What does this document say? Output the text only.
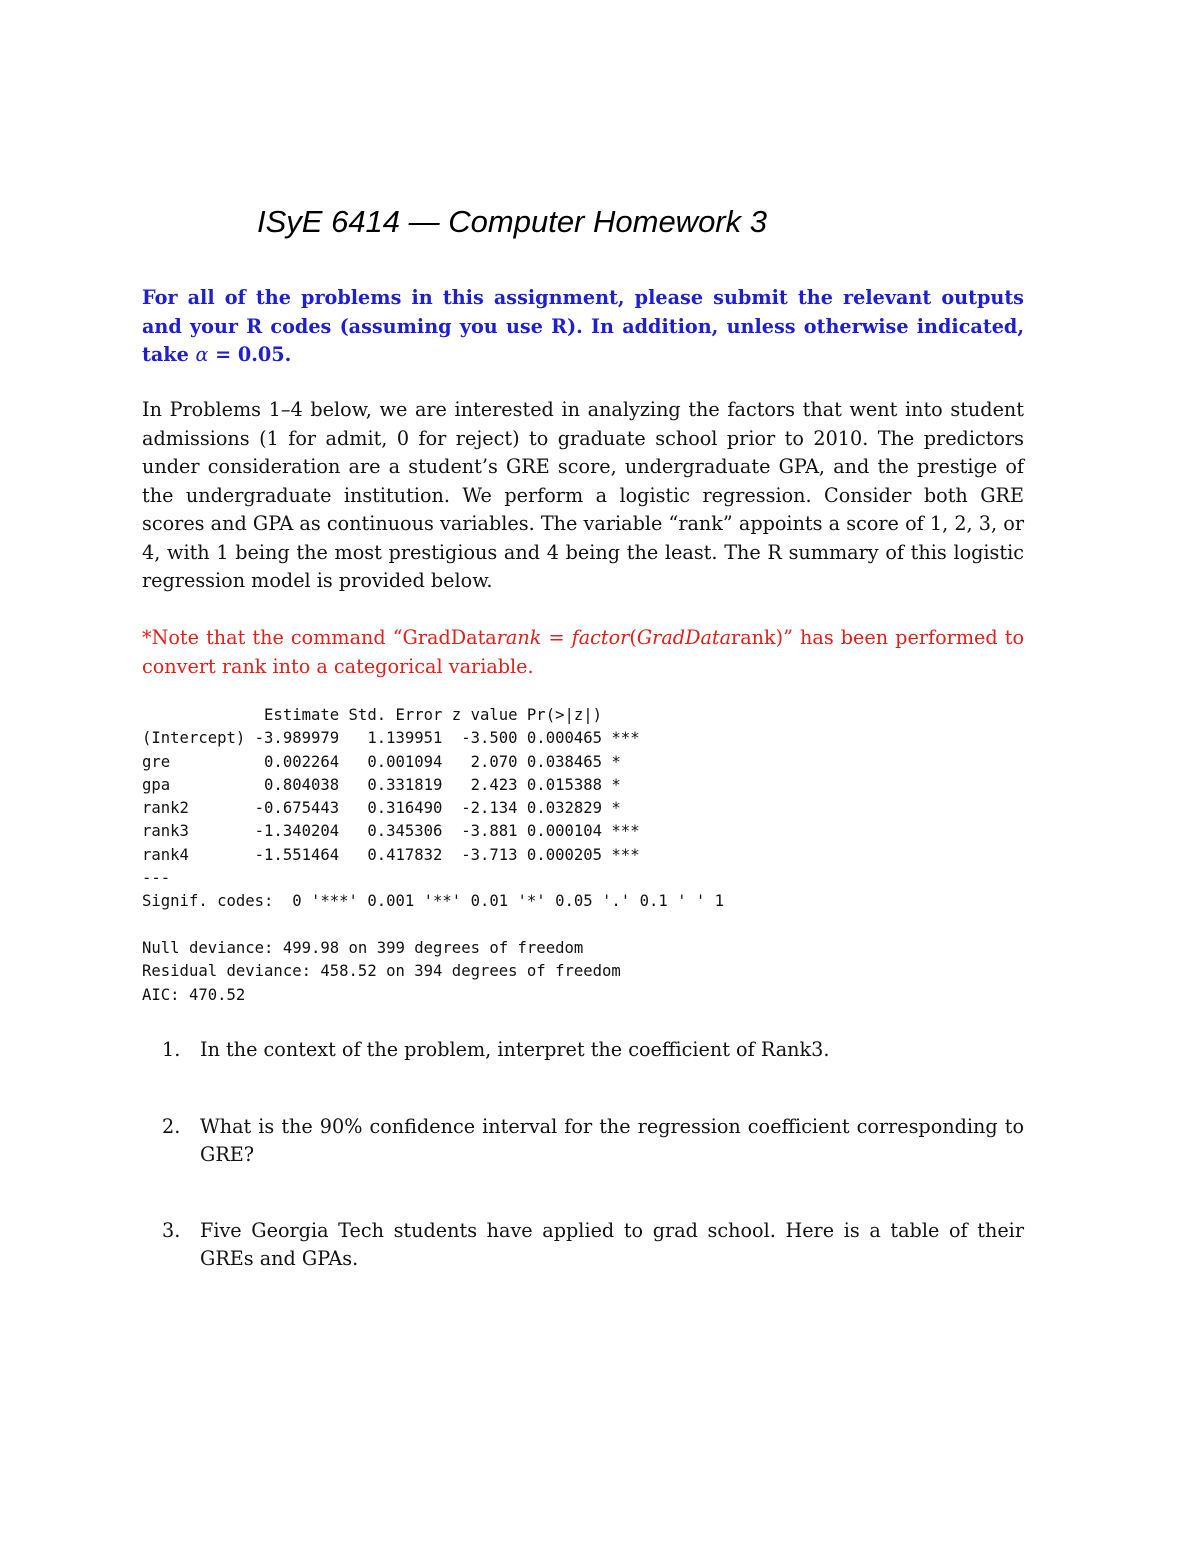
ISyE 6414 — Computer Homework 3
For all of the problems in this assignment, please submit the relevant outputs and your R codes (assuming you use R). In addition, unless otherwise indicated, take α = 0.05.
In Problems 1–4 below, we are interested in analyzing the factors that went into student admissions (1 for admit, 0 for reject) to graduate school prior to 2010. The predictors under consideration are a student’s GRE score, undergraduate GPA, and the prestige of the undergraduate institution. We perform a logistic regression. Consider both GRE scores and GPA as continuous variables. The variable “rank” appoints a score of 1, 2, 3, or 4, with 1 being the most prestigious and 4 being the least. The R summary of this logistic regression model is provided below.
*Note that the command “GradDatarank = factor(GradDatarank)” has been performed to convert rank into a categorical variable.
Estimate Std. Error z value Pr(>|z|)
(Intercept) -3.989979   1.139951  -3.500 0.000465 ***
gre          0.002264   0.001094   2.070 0.038465 *
gpa          0.804038   0.331819   2.423 0.015388 *
rank2       -0.675443   0.316490  -2.134 0.032829 *
rank3       -1.340204   0.345306  -3.881 0.000104 ***
rank4       -1.551464   0.417832  -3.713 0.000205 ***
---
Signif. codes:  0 '***' 0.001 '**' 0.01 '*' 0.05 '.' 0.1 ' ' 1
Null deviance: 499.98 on 399 degrees of freedom
Residual deviance: 458.52 on 394 degrees of freedom
AIC: 470.52
1. In the context of the problem, interpret the coefficient of Rank3.
2. What is the 90% confidence interval for the regression coefficient corresponding to GRE?
3. Five Georgia Tech students have applied to grad school. Here is a table of their GREs and GPAs.
